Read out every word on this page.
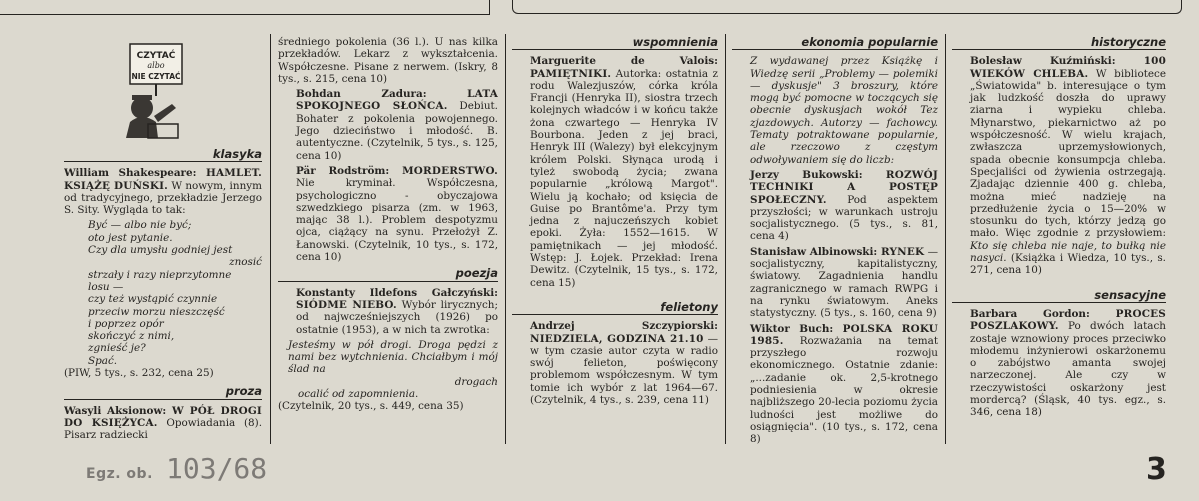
CZYTAĆ
albo
NIE CZYTAĆ
klasyka

William Shakespeare: HAMLET. KSIĄŻĘ DUŃSKI. W nowym, innym od tradycyjnego, przekładzie Jerzego S. Sity. Wygląda to tak:

Być — albo nie być;
oto jest pytanie.
Czy dla umysłu godniej jest
znosić
strzały i razy nieprzytomne
losu —
czy też wystąpić czynnie
przeciw morzu nieszczęść
i poprzez opór
skończyć z nimi,
zgnieść je?
Spać.

(PIW, 5 tys., s. 232, cena 25)

proza

Wasyli Aksionow: W PÓŁ DROGI DO KSIĘŻYCA. Opowiadania (8). Pisarz radziecki

średniego pokolenia (36 l.). U nas kilka przekładów. Lekarz z wykształcenia. Współczesne. Pisane z nerwem. (Iskry, 8 tys., s. 215, cena 10)

Bohdan Zadura: LATA SPOKOJNEGO SŁOŃCA. Debiut. Bohater z pokolenia powojennego. Jego dzieciństwo i młodość. B. autentyczne. (Czytelnik, 5 tys., s. 125, cena 10)

Pär Rodström: MORDERSTWO. Nie kryminał. Współczesna, psychologiczno - obyczajowa szwedzkiego pisarza (zm. w 1963, mając 38 l.). Problem despotyzmu ojca, ciążący na synu. Przełożył Z. Łanowski. (Czytelnik, 10 tys., s. 172, cena 10)

poezja

Konstanty Ildefons Gałczyński: SIÓDME NIEBO. Wybór lirycznych; od najwcześniejszych (1926) po ostatnie (1953), a w nich ta zwrotka:

Jesteśmy w pół drogi. Droga pędzi z nami bez wytchnienia. Chciałbym i mój ślad na

drogach

ocalić od zapomnienia.

(Czytelnik, 20 tys., s. 449, cena 35)

wspomnienia

Marguerite de Valois: PAMIĘTNIKI. Autorka: ostatnia z rodu Walezjuszów, córka króla Francji (Henryka II), siostra trzech kolejnych władców i w końcu także żona czwartego — Henryka IV Bourbona. Jeden z jej braci, Henryk III (Walezy) był elekcyjnym królem Polski. Słynąca urodą i tyleż swobodą życia; zwana popularnie „królową Margot". Wielu ją kochało; od księcia de Guise po Brantôme'a. Przy tym jedna z najuczeńszych kobiet epoki. Żyła: 1552—1615. W pamiętnikach — jej młodość. Wstęp: J. Łojek. Przekład: Irena Dewitz. (Czytelnik, 15 tys., s. 172, cena 15)

felietony

Andrzej Szczypiorski: NIEDZIELA, GODZINA 21.10 — w tym czasie autor czyta w radio swój felieton, poświęcony problemom współczesnym. W tym tomie ich wybór z lat 1964—67. (Czytelnik, 4 tys., s. 239, cena 11)

ekonomia popularnie

Z wydawanej przez Książkę i Wiedzę serii „Problemy — polemiki — dyskusje" 3 broszury, które mogą być pomocne w toczących się obecnie dyskusjach wokół Tez zjazdowych. Autorzy — fachowcy. Tematy potraktowane popularnie, ale rzeczowo z częstym odwoływaniem się do liczb:

Jerzy Bukowski: ROZWÓJ TECHNIKI A POSTĘP SPOŁECZNY. Pod aspektem przyszłości; w warunkach ustroju socjalistycznego. (5 tys., s. 81, cena 4)

Stanisław Albinowski: RYNEK — socjalistyczny, kapitalistyczny, światowy. Zagadnienia handlu zagranicznego w ramach RWPG i na rynku światowym. Aneks statystyczny. (5 tys., s. 160, cena 9)

Wiktor Buch: POLSKA ROKU 1985. Rozważania na temat przyszłego rozwoju ekonomicznego. Ostatnie zdanie: „...zadanie ok. 2,5-krotnego podniesienia w okresie najbliższego 20-lecia poziomu życia ludności jest możliwe do osiągnięcia". (10 tys., s. 172, cena 8)

historyczne

Bolesław Kuźmiński: 100 WIEKÓW CHLEBA. W bibliotece „Światowida" b. interesujące o tym jak ludzkość doszła do uprawy ziarna i wypieku chleba. Młynarstwo, piekarnictwo aż po współczesność. W wielu krajach, zwłaszcza uprzemysłowionych, spada obecnie konsumpcja chleba. Specjaliści od żywienia ostrzegają. Zjadając dziennie 400 g. chleba, można mieć nadzieję na przedłużenie życia o 15—20% w stosunku do tych, którzy jedzą go mało. Więc zgodnie z przysłowiem: Kto się chleba nie naje, to bułką nie nasyci. (Książka i Wiedza, 10 tys., s. 271, cena 10)

sensacyjne

Barbara Gordon: PROCES POSZLAKOWY. Po dwóch latach zostaje wznowiony proces przeciwko młodemu inżynierowi oskarżonemu o zabójstwo amanta swojej narzeczonej. Ale czy w rzeczywistości oskarżony jest mordercą? (Śląsk, 40 tys. egz., s. 346, cena 18)

Egz. ob. 103/68	3
